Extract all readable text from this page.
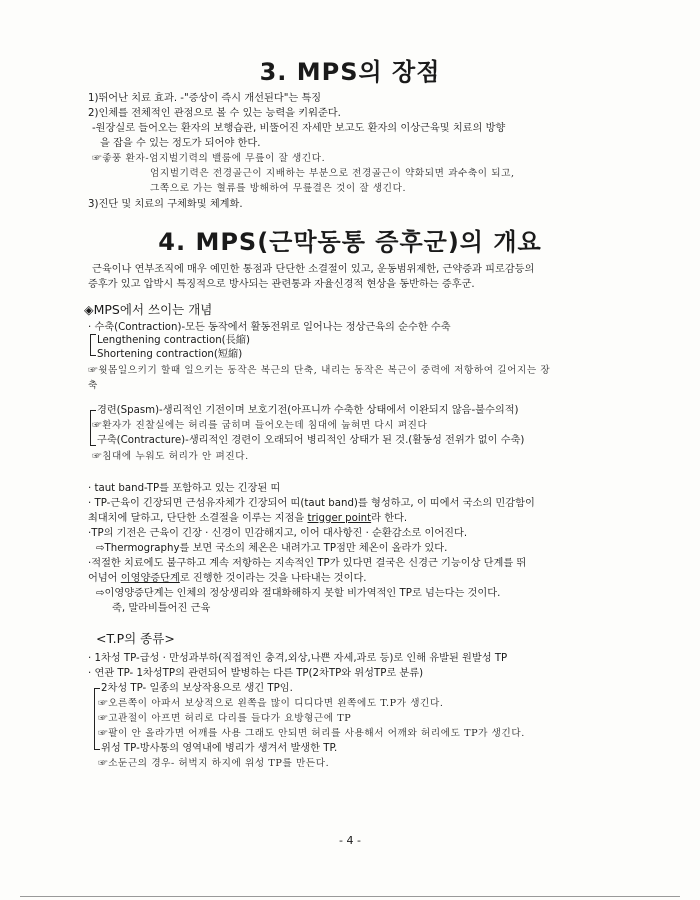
3. MPS의 장점
1)뛰어난 치료 효과. -"증상이 즉시 개선된다"는 특징
2)인체를 전체적인 관점으로 볼 수 있는 능력을 키워준다.
-원장실로 들어오는 환자의 보행습관, 비뚤어진 자세만 보고도 환자의 이상근육및 치료의 방향
을 잡을 수 있는 정도가 되어야 한다.
☞좋풍 환자-엄지벌기력의 밸룸에 무릎이 잘 생긴다.
엄지벌기력은 전경골근이 지배하는 부분으로 전경골근이 약화되면 과수축이 되고,
그쪽으로 가는 혈류를 방해하여 무릎결은 것이 잘 생긴다.
3)진단 및 치료의 구체화및 체계화.
4. MPS(근막동통 증후군)의 개요
근육이나 연부조직에 매우 예민한 통점과 단단한 소결절이 있고, 운동범위제한, 근약증과 피로감등의
증후가 있고 압박시 특징적으로 방사되는 관련통과 자율신경적 현상을 동반하는 증후군.
◈MPS에서 쓰이는 개념
· 수축(Contraction)-모든 동작에서 활동전위로 일어나는 정상근육의 순수한 수축
Lengthening contraction(長縮)
Shortening contraction(短縮)
☞윗몸일으키기 할때 일으키는 동작은 복근의 단축, 내리는 동작은 복근이 중력에 저항하여 길어지는 장
축
경련(Spasm)-생리적인 기전이며 보호기전(아프니까 수축한 상태에서 이완되지 않음-불수의적)
☞환자가 진찰실에는 허리를 굽히며 들어오는데 침대에 눕혀면 다시 펴진다
구축(Contracture)-생리적인 경련이 오래되어 병리적인 상태가 된 것.(활동성 전위가 없이 수축)
☞침대에 누워도 허리가 안 펴진다.
· taut band-TP를 포함하고 있는 긴장된 띠
· TP-근육이 긴장되면 근섬유자체가 긴장되어 띠(taut band)를 형성하고, 이 띠에서 국소의 민감함이
최대치에 달하고, 단단한 소결절을 이루는 지점을 trigger point라 한다.
·TP의 기전은 근육이 긴장 · 신경이 민감해지고, 이어 대사항진 · 순환감소로 이어진다.
⇨Thermography를 보면 국소의 체온은 내려가고 TP점만 체온이 올라가 있다.
·적절한 치료에도 불구하고 계속 저항하는 지속적인 TP가 있다면 결국은 신경근 기능이상 단계를 뛰
어넘어 이영양증단계로 진행한 것이라는 것을 나타내는 것이다.
⇨이영양증단계는 인체의 정상생리와 절대화해하지 못할 비가역적인 TP로 넘는다는 것이다.
죽, 말라비틀어진 근육
<T.P의 종류>
· 1차성 TP-급성 · 만성과부하(직접적인 충격,외상,나쁜 자세,과로 등)로 인해 유발된 원발성 TP
· 연관 TP- 1차성TP의 관련되어 발병하는 다른 TP(2차TP와 위성TP로 분류)
2차성 TP- 일종의 보상작용으로 생긴 TP임.
☞오른쪽이 아파서 보상적으로 왼쪽을 많이 디디다면 왼쪽에도 T.P가 생긴다.
☞고관절이 아프면 허리로 다리를 들다가 요방형근에 TP
☞팔이 안 올라가면 어깨를 사용 그래도 안되면 허리를 사용해서 어깨와 허리에도 TP가 생긴다.
위성 TP-방사통의 영역내에 병리가 생겨서 발생한 TP.
☞소둔근의 경우- 허벅지 하지에 위성 TP를 만든다.
- 4 -
